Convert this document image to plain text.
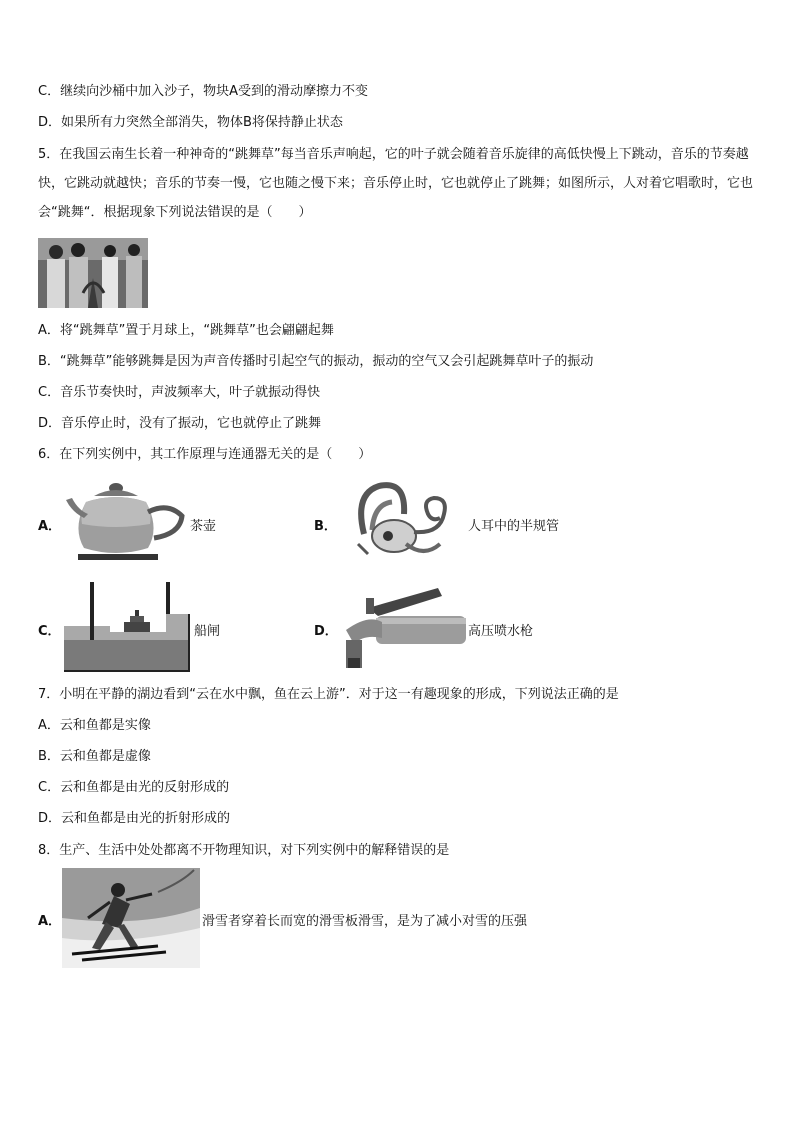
C．继续向沙桶中加入沙子，物块A受到的滑动摩擦力不变
D．如果所有力突然全部消失，物体B将保持静止状态
5．在我国云南生长着一种神奇的“跳舞草”每当音乐声响起，它的叶子就会随着音乐旋律的高低快慢上下跳动，音乐的节奏越快，它跳动就越快；音乐的节奏一慢，它也随之慢下来；音乐停止时，它也就停止了跳舞；如图所示，人对着它唱歌时，它也会“跳舞“．根据现象下列说法错误的是（　　）
A．将“跳舞草”置于月球上，“跳舞草”也会翩翩起舞
B．“跳舞草”能够跳舞是因为声音传播时引起空气的振动，振动的空气又会引起跳舞草叶子的振动
C．音乐节奏快时，声波频率大，叶子就振动得快
D．音乐停止时，没有了振动，它也就停止了跳舞
6．在下列实例中，其工作原理与连通器无关的是（　　）
A．	茶壶	B．	人耳中的半规管
C．	船闸	D．	高压喷水枪
7．小明在平静的湖边看到“云在水中飘，鱼在云上游”．对于这一有趣现象的形成，下列说法正确的是
A．云和鱼都是实像
B．云和鱼都是虚像
C．云和鱼都是由光的反射形成的
D．云和鱼都是由光的折射形成的
8．生产、生活中处处都离不开物理知识，对下列实例中的解释错误的是
A．	滑雪者穿着长而宽的滑雪板滑雪，是为了减小对雪的压强
